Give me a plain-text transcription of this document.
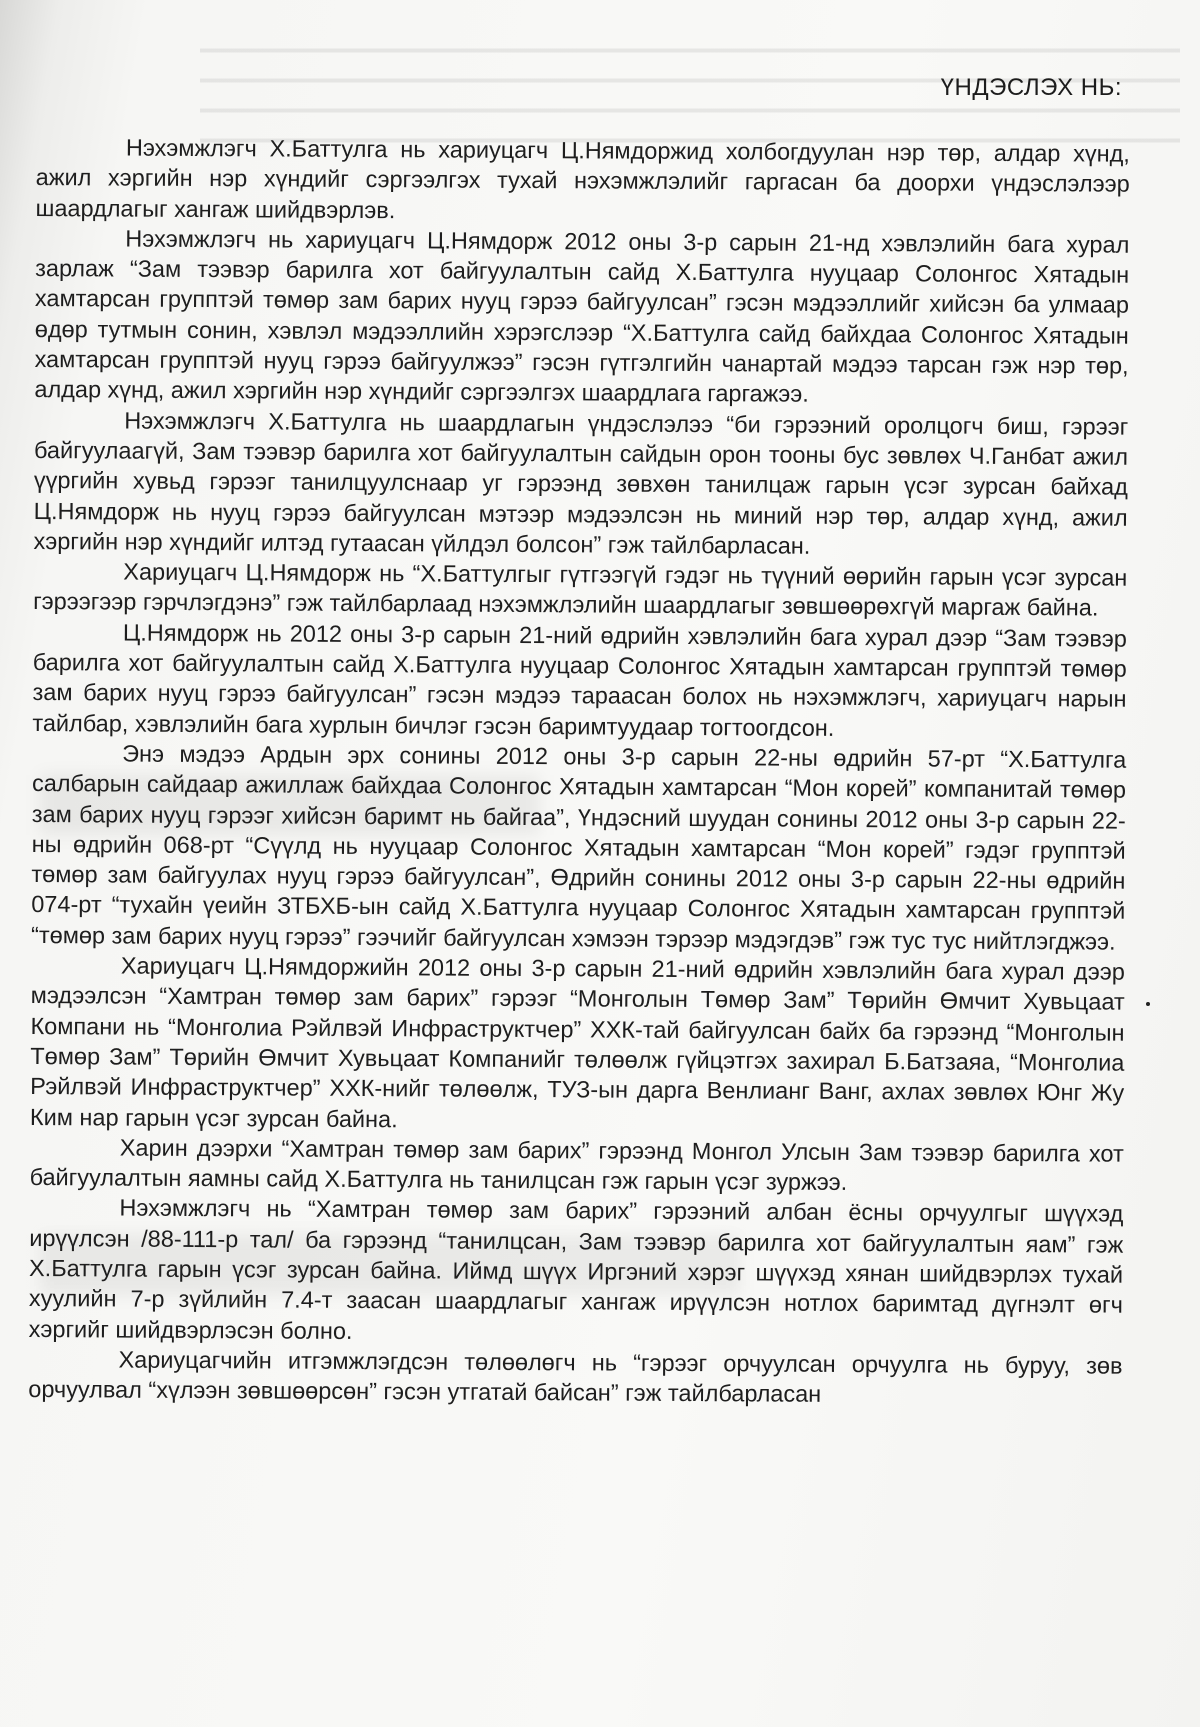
ҮНДЭСЛЭХ НЬ:

Нэхэмжлэгч Х.Баттулга нь хариуцагч Ц.Нямдоржид холбогдуулан нэр төр, алдар хүнд, ажил хэргийн нэр хүндийг сэргээлгэх тухай нэхэмжлэлийг гаргасан ба доорхи үндэслэлээр шаардлагыг хангаж шийдвэрлэв.

Нэхэмжлэгч нь хариуцагч Ц.Нямдорж 2012 оны 3-р сарын 21-нд хэвлэлийн бага хурал зарлаж “Зам тээвэр барилга хот байгуулалтын сайд Х.Баттулга нууцаар Солонгос Хятадын хамтарсан групптэй төмөр зам барих нууц гэрээ байгуулсан” гэсэн мэдээллийг хийсэн ба улмаар өдөр тутмын сонин, хэвлэл мэдээллийн хэрэгслээр “Х.Баттулга сайд байхдаа Солонгос Хятадын хамтарсан групптэй нууц гэрээ байгуулжээ” гэсэн гүтгэлгийн чанартай мэдээ тарсан гэж нэр төр, алдар хүнд, ажил хэргийн нэр хүндийг сэргээлгэх шаардлага гаргажээ.

Нэхэмжлэгч Х.Баттулга нь шаардлагын үндэслэлээ “би гэрээний оролцогч биш, гэрээг байгуулаагүй, Зам тээвэр барилга хот байгуулалтын сайдын орон тооны бус зөвлөх Ч.Ганбат ажил үүргийн хувьд гэрээг танилцуулснаар уг гэрээнд зөвхөн танилцаж гарын үсэг зурсан байхад Ц.Нямдорж нь нууц гэрээ байгуулсан мэтээр мэдээлсэн нь миний нэр төр, алдар хүнд, ажил хэргийн нэр хүндийг илтэд гутаасан үйлдэл болсон” гэж тайлбарласан.

Хариуцагч Ц.Нямдорж нь “Х.Баттулгыг гүтгээгүй гэдэг нь түүний өөрийн гарын үсэг зурсан гэрээгээр гэрчлэгдэнэ” гэж тайлбарлаад нэхэмжлэлийн шаардлагыг зөвшөөрөхгүй маргаж байна.

Ц.Нямдорж нь 2012 оны 3-р сарын 21-ний өдрийн хэвлэлийн бага хурал дээр “Зам тээвэр барилга хот байгуулалтын сайд Х.Баттулга нууцаар Солонгос Хятадын хамтарсан групптэй төмөр зам барих нууц гэрээ байгуулсан” гэсэн мэдээ тараасан болох нь нэхэмжлэгч, хариуцагч нарын тайлбар, хэвлэлийн бага хурлын бичлэг гэсэн баримтуудаар тогтоогдсон.

Энэ мэдээ Ардын эрх сонины 2012 оны 3-р сарын 22-ны өдрийн 57-рт “Х.Баттулга салбарын сайдаар ажиллаж байхдаа Солонгос Хятадын хамтарсан “Мон корей” компанитай төмөр зам барих нууц гэрээг хийсэн баримт нь байгаа”, Үндэсний шуудан сонины 2012 оны 3-р сарын 22-ны өдрийн 068-рт “Сүүлд нь нууцаар Солонгос Хятадын хамтарсан “Мон корей” гэдэг групптэй төмөр зам байгуулах нууц гэрээ байгуулсан”, Өдрийн сонины 2012 оны 3-р сарын 22-ны өдрийн 074-рт “тухайн үеийн ЗТБХБ-ын сайд Х.Баттулга нууцаар Солонгос Хятадын хамтарсан групптэй “төмөр зам барих нууц гэрээ” гээчийг байгуулсан хэмээн тэрээр мэдэгдэв” гэж тус тус нийтлэгджээ.

Хариуцагч Ц.Нямдоржийн 2012 оны 3-р сарын 21-ний өдрийн хэвлэлийн бага хурал дээр мэдээлсэн “Хамтран төмөр зам барих” гэрээг “Монголын Төмөр Зам” Төрийн Өмчит Хувьцаат Компани нь “Монголиа Рэйлвэй Инфраструктчер” ХХК-тай байгуулсан байх ба гэрээнд “Монголын Төмөр Зам” Төрийн Өмчит Хувьцаат Компанийг төлөөлж гүйцэтгэх захирал Б.Батзаяа, “Монголиа Рэйлвэй Инфраструктчер” ХХК-нийг төлөөлж, ТУЗ-ын дарга Венлианг Ванг, ахлах зөвлөх Юнг Жу Ким нар гарын үсэг зурсан байна.

Харин дээрхи “Хамтран төмөр зам барих” гэрээнд Монгол Улсын Зам тээвэр барилга хот байгуулалтын яамны сайд Х.Баттулга нь танилцсан гэж гарын үсэг зуржээ.

Нэхэмжлэгч нь “Хамтран төмөр зам барих” гэрээний албан ёсны орчуулгыг шүүхэд ирүүлсэн /88-111-р тал/ ба гэрээнд “танилцсан, Зам тээвэр барилга хот байгуулалтын яам” гэж Х.Баттулга гарын үсэг зурсан байна. Иймд шүүх Иргэний хэрэг шүүхэд хянан шийдвэрлэх тухай хуулийн 7-р зүйлийн 7.4-т заасан шаардлагыг хангаж ирүүлсэн нотлох баримтад дүгнэлт өгч хэргийг шийдвэрлэсэн болно.

Хариуцагчийн итгэмжлэгдсэн төлөөлөгч нь “гэрээг орчуулсан орчуулга нь буруу, зөв орчуулвал “хүлээн зөвшөөрсөн” гэсэн утгатай байсан” гэж тайлбарласан
